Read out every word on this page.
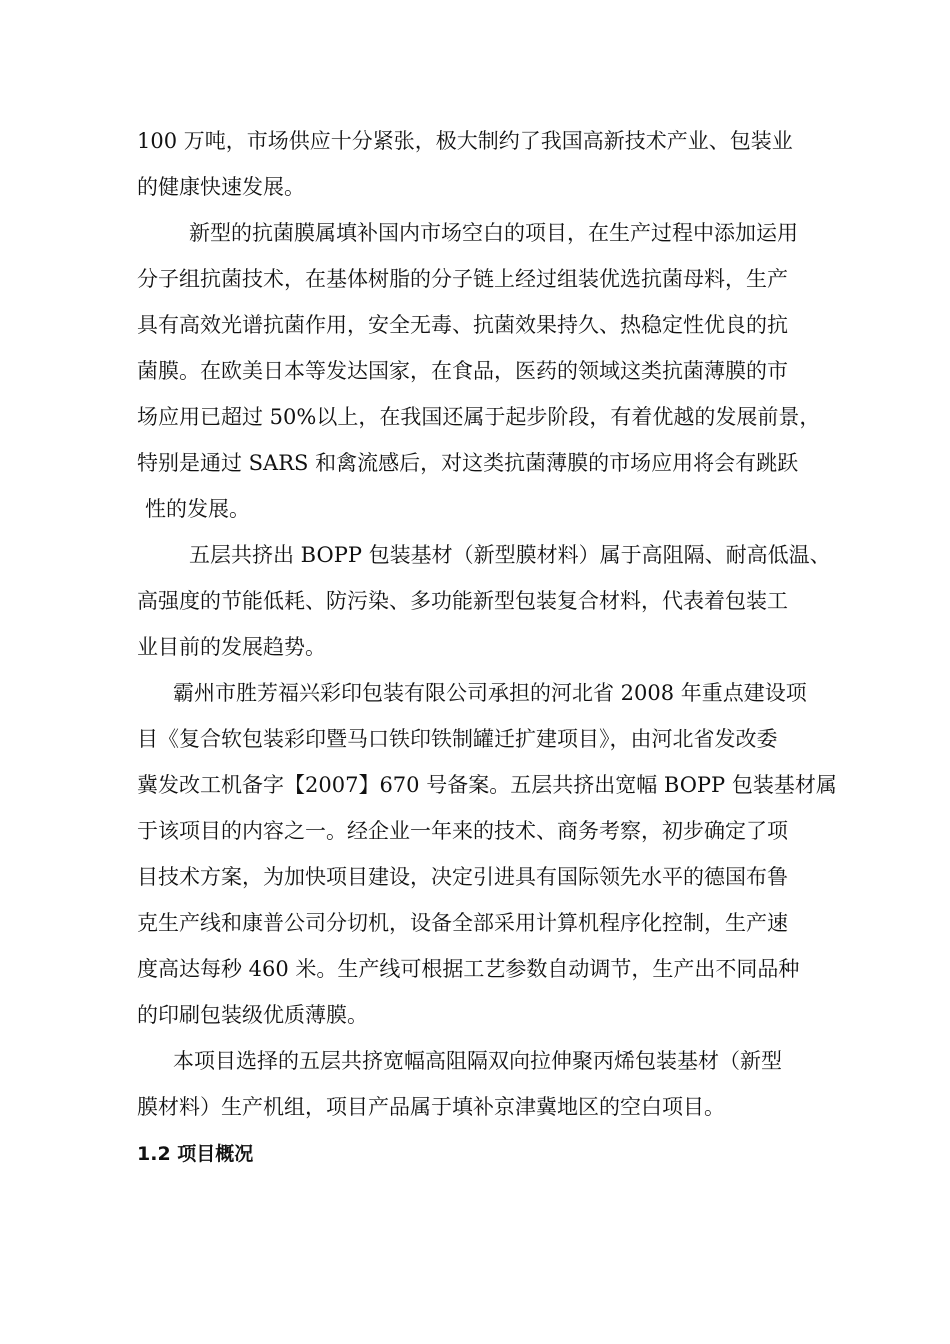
100 万吨，市场供应十分紧张，极大制约了我国高新技术产业、包装业
的健康快速发展。
新型的抗菌膜属填补国内市场空白的项目，在生产过程中添加运用
分子组抗菌技术，在基体树脂的分子链上经过组装优选抗菌母料，生产
具有高效光谱抗菌作用，安全无毒、抗菌效果持久、热稳定性优良的抗
菌膜。在欧美日本等发达国家，在食品，医药的领域这类抗菌薄膜的市
场应用已超过 50%以上，在我国还属于起步阶段，有着优越的发展前景，
特别是通过 SARS 和禽流感后，对这类抗菌薄膜的市场应用将会有跳跃
性的发展。
五层共挤出 BOPP 包装基材（新型膜材料）属于高阻隔、耐高低温、
高强度的节能低耗、防污染、多功能新型包装复合材料，代表着包装工
业目前的发展趋势。
霸州市胜芳福兴彩印包装有限公司承担的河北省 2008 年重点建设项
目《复合软包装彩印暨马口铁印铁制罐迁扩建项目》，由河北省发改委
冀发改工机备字【2007】670 号备案。五层共挤出宽幅 BOPP 包装基材属
于该项目的内容之一。经企业一年来的技术、商务考察，初步确定了项
目技术方案，为加快项目建设，决定引进具有国际领先水平的德国布鲁
克生产线和康普公司分切机，设备全部采用计算机程序化控制，生产速
度高达每秒 460 米。生产线可根据工艺参数自动调节，生产出不同品种
的印刷包装级优质薄膜。
本项目选择的五层共挤宽幅高阻隔双向拉伸聚丙烯包装基材（新型
膜材料）生产机组，项目产品属于填补京津冀地区的空白项目。
1.2 项目概况
